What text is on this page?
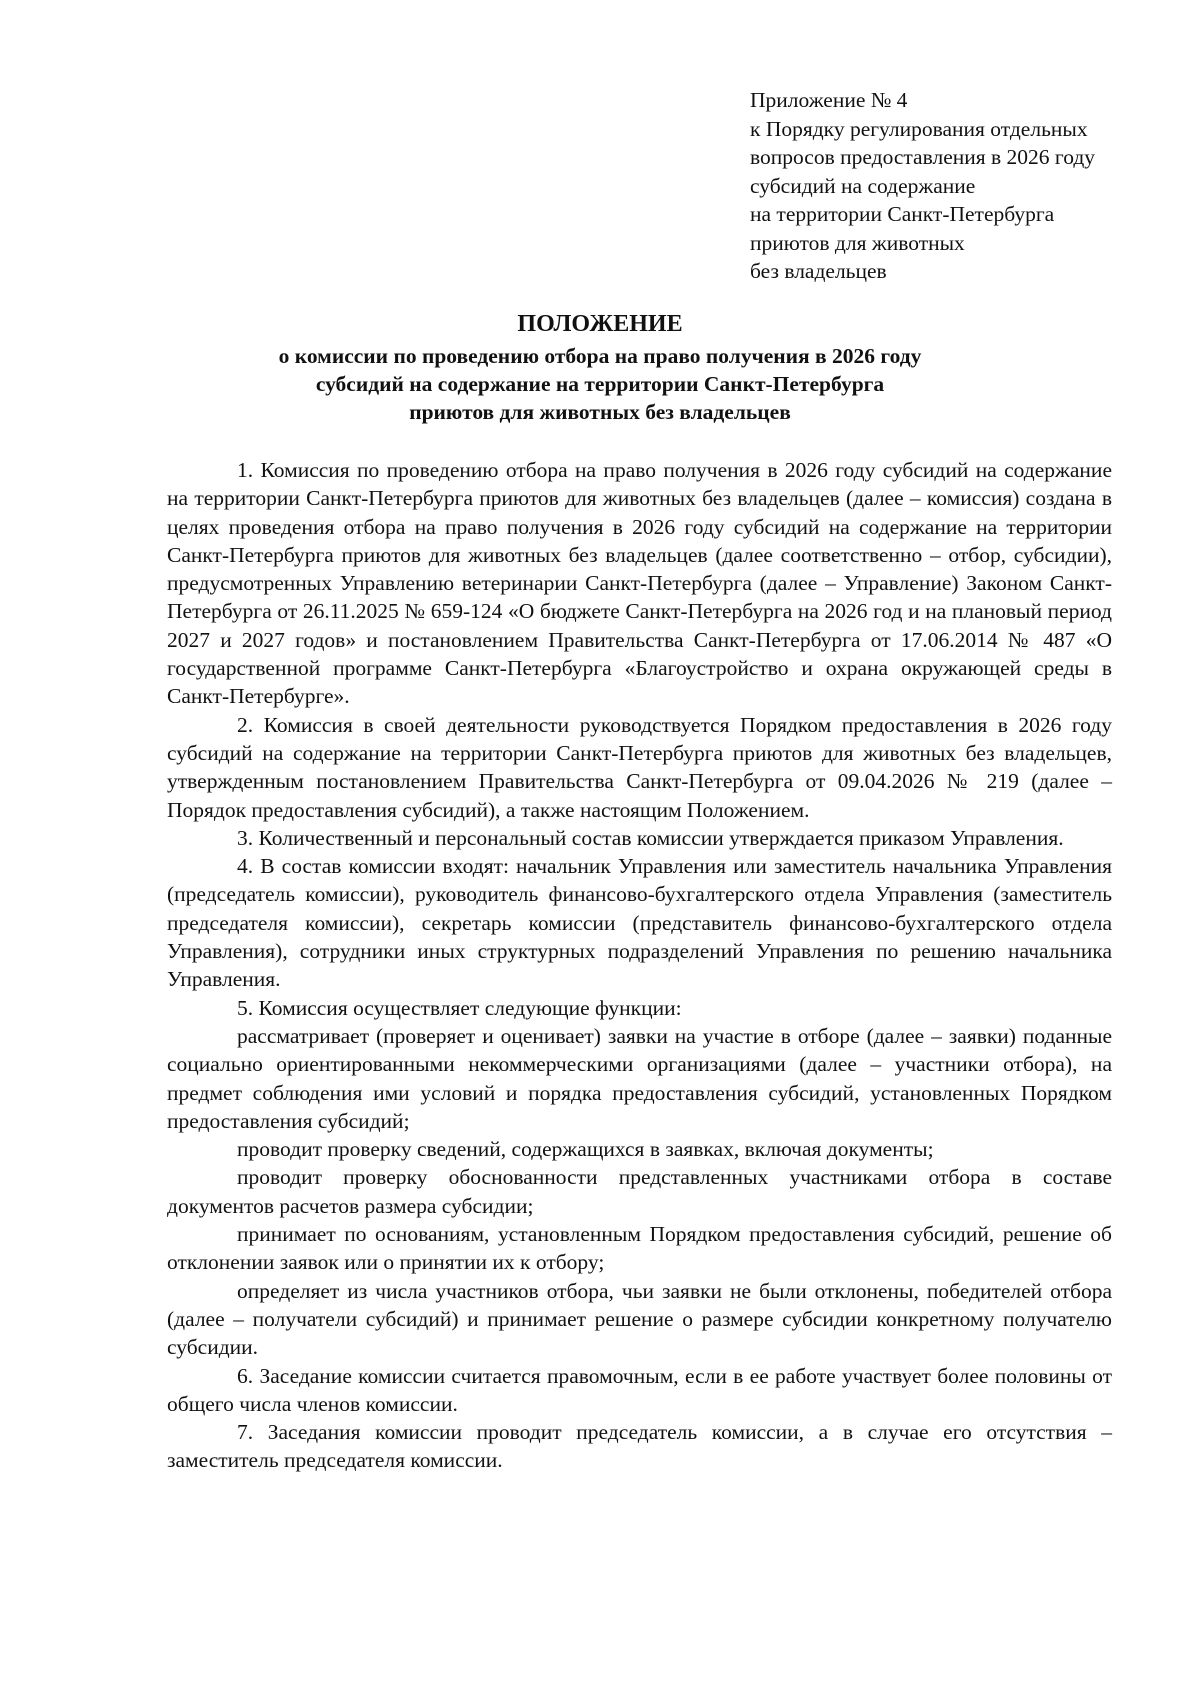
Приложение № 4
к Порядку регулирования отдельных
вопросов предоставления в 2026 году
субсидий на содержание
на территории Санкт-Петербурга
приютов для животных
без владельцев
ПОЛОЖЕНИЕ
о комиссии по проведению отбора на право получения в 2026 году
субсидий на содержание на территории Санкт-Петербурга
приютов для животных без владельцев

1. Комиссия по проведению отбора на право получения в 2026 году субсидий на содержание на территории Санкт-Петербурга приютов для животных без владельцев (далее – комиссия) создана в целях проведения отбора на право получения в 2026 году субсидий на содержание на территории Санкт-Петербурга приютов для животных без владельцев (далее соответственно – отбор, субсидии), предусмотренных Управлению ветеринарии Санкт-Петербурга (далее – Управление) Законом Санкт-Петербурга от 26.11.2025 № 659-124 «О бюджете Санкт-Петербурга на 2026 год и на плановый период 2027 и 2027 годов» и постановлением Правительства Санкт-Петербурга от 17.06.2014 № 487 «О государственной программе Санкт-Петербурга «Благоустройство и охрана окружающей среды в Санкт-Петербурге».

2. Комиссия в своей деятельности руководствуется Порядком предоставления в 2026 году субсидий на содержание на территории Санкт-Петербурга приютов для животных без владельцев, утвержденным постановлением Правительства Санкт-Петербурга от 09.04.2026 № 219 (далее – Порядок предоставления субсидий), а также настоящим Положением.

3. Количественный и персональный состав комиссии утверждается приказом Управления.

4. В состав комиссии входят: начальник Управления или заместитель начальника Управления (председатель комиссии), руководитель финансово-бухгалтерского отдела Управления (заместитель председателя комиссии), секретарь комиссии (представитель финансово-бухгалтерского отдела Управления), сотрудники иных структурных подразделений Управления по решению начальника Управления.

5. Комиссия осуществляет следующие функции:

рассматривает (проверяет и оценивает) заявки на участие в отборе (далее – заявки) поданные социально ориентированными некоммерческими организациями (далее – участники отбора), на предмет соблюдения ими условий и порядка предоставления субсидий, установленных Порядком предоставления субсидий;

проводит проверку сведений, содержащихся в заявках, включая документы;

проводит проверку обоснованности представленных участниками отбора в составе документов расчетов размера субсидии;

принимает по основаниям, установленным Порядком предоставления субсидий, решение об отклонении заявок или о принятии их к отбору;

определяет из числа участников отбора, чьи заявки не были отклонены, победителей отбора (далее – получатели субсидий) и принимает решение о размере субсидии конкретному получателю субсидии.

6. Заседание комиссии считается правомочным, если в ее работе участвует более половины от общего числа членов комиссии.

7. Заседания комиссии проводит председатель комиссии, а в случае его отсутствия – заместитель председателя комиссии.
